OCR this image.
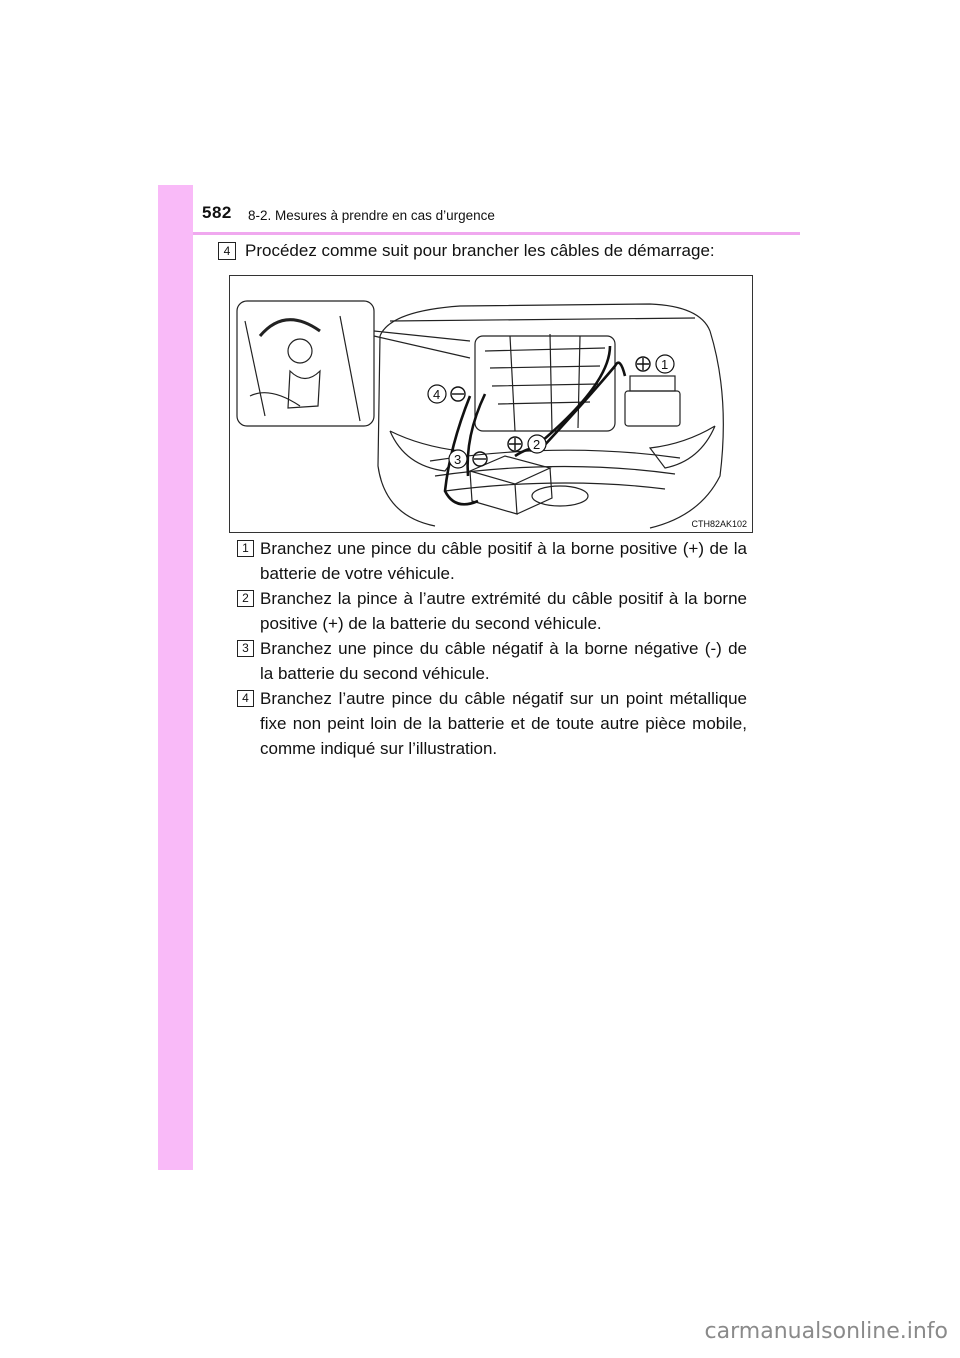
582 8-2. Mesures à prendre en cas d’urgence
4 Procédez comme suit pour brancher les câbles de démarrage:
1
2
3
4
CTH82AK102
1 Branchez une pince du câble positif à la borne positive (+) de la batterie de votre véhicule.
2 Branchez la pince à l’autre extrémité du câble positif à la borne positive (+) de la batterie du second véhicule.
3 Branchez une pince du câble négatif à la borne négative (-) de la batterie du second véhicule.
4 Branchez l’autre pince du câble négatif sur un point métallique fixe non peint loin de la batterie et de toute autre pièce mobile, comme indiqué sur l’illustration.
carmanualsonline.info
